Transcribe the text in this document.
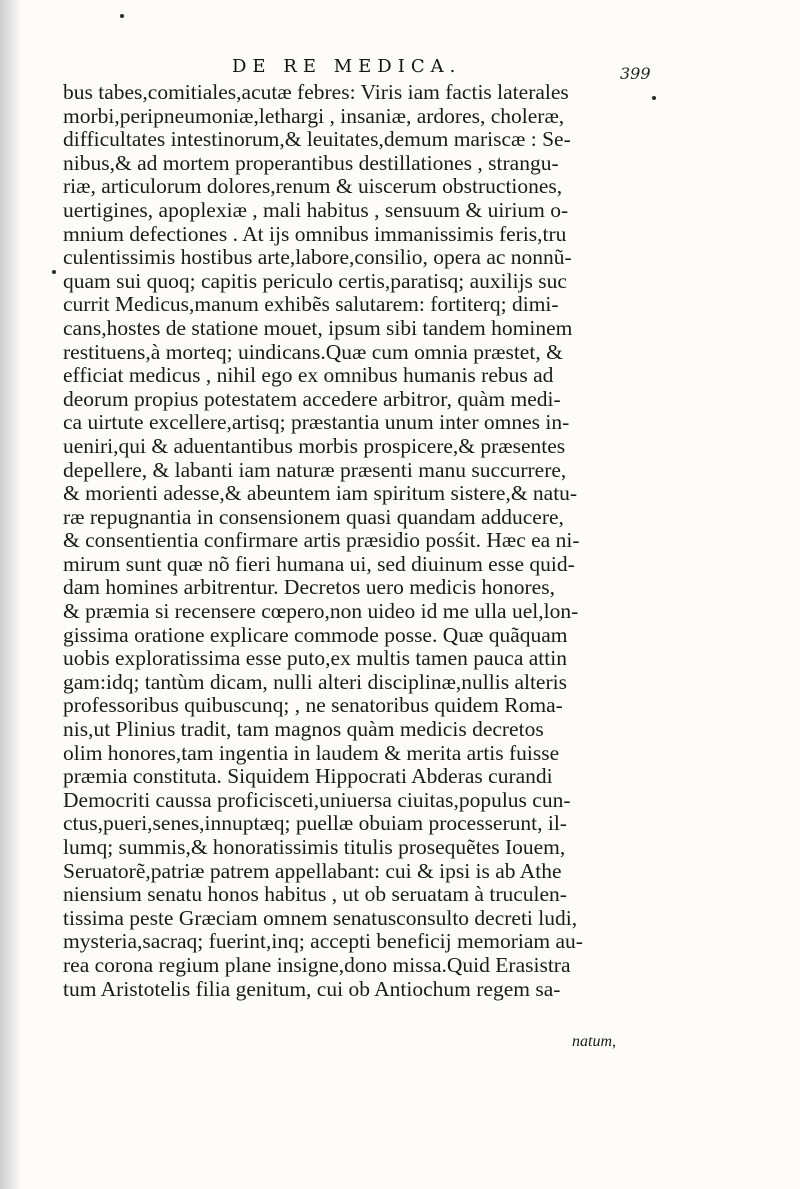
DE RE MEDICA.	399
bus tabes,comitiales,acutæ febres: Viris iam factis laterales
morbi,peripneumoniæ,lethargi , insaniæ, ardores, choleræ,
difficultates intestinorum,& leuitates,demum mariscæ : Se-
nibus,& ad mortem properantibus destillationes , strangu-
riæ, articulorum dolores,renum & uiscerum obstructiones,
uertigines, apoplexiæ , mali habitus , sensuum & uirium o-
mnium defectiones . At ijs omnibus immanissimis feris,tru
culentissimis hostibus arte,labore,consilio, opera ac nonnũ-
quam sui quoq; capitis periculo certis,paratisq; auxilijs suc
currit Medicus,manum exhibẽs salutarem: fortiterq; dimi-
cans,hostes de statione mouet, ipsum sibi tandem hominem
restituens,à morteq; uindicans.Quæ cum omnia præstet, &
efficiat medicus , nihil ego ex omnibus humanis rebus ad
deorum propius potestatem accedere arbitror, quàm medi-
ca uirtute excellere,artisq; præstantia unum inter omnes in-
ueniri,qui & aduentantibus morbis prospicere,& præsentes
depellere, & labanti iam naturæ præsenti manu succurrere,
& morienti adesse,& abeuntem iam spiritum sistere,& natu-
ræ repugnantia in consensionem quasi quandam adducere,
& consentientia confirmare artis præsidio posśit. Hæc ea ni-
mirum sunt quæ nõ fieri humana ui, sed diuinum esse quid-
dam homines arbitrentur. Decretos uero medicis honores,
& præmia si recensere cœpero,non uideo id me ulla uel,lon-
gissima oratione explicare commode posse. Quæ quãquam
uobis exploratissima esse puto,ex multis tamen pauca attin
gam:idq; tantùm dicam, nulli alteri disciplinæ,nullis alteris
professoribus quibuscunq; , ne senatoribus quidem Roma-
nis,ut Plinius tradit, tam magnos quàm medicis decretos
olim honores,tam ingentia in laudem & merita artis fuisse
præmia constituta. Siquidem Hippocrati Abderas curandi
Democriti caussa proficisceti,uniuersa ciuitas,populus cun-
ctus,pueri,senes,innuptæq; puellæ obuiam processerunt, il-
lumq; summis,& honoratissimis titulis prosequẽtes Iouem,
Seruatorẽ,patriæ patrem appellabant: cui & ipsi is ab Athe
niensium senatu honos habitus , ut ob seruatam à truculen-
tissima peste Græciam omnem senatusconsulto decreti ludi,
mysteria,sacraq; fuerint,inq; accepti beneficij memoriam au-
rea corona regium plane insigne,dono missa.Quid Erasistra
tum Aristotelis filia genitum, cui ob Antiochum regem sa-
natum,
